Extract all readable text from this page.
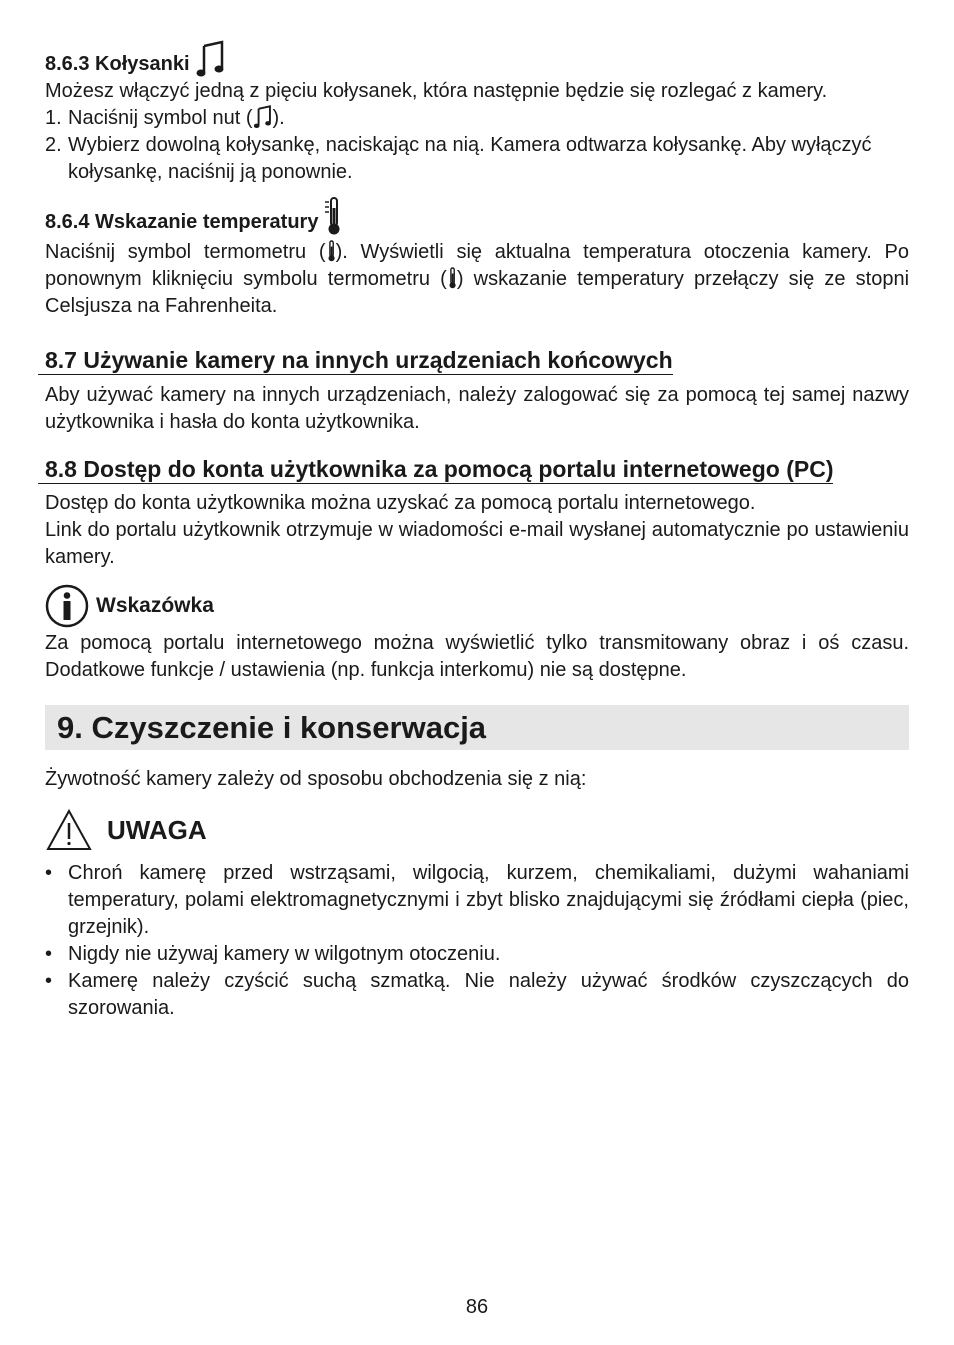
8.6.3 Kołysanki

Możesz włączyć jedną z pięciu kołysanek, która następnie będzie się rozlegać z kamery.

1. Naciśnij symbol nut ( ).
2. Wybierz dowolną kołysankę, naciskając na nią. Kamera odtwarza kołysankę. Aby wyłączyć kołysankę, naciśnij ją ponownie.
8.6.4 Wskazanie temperatury

Naciśnij symbol termometru ( ). Wyświetli się aktualna temperatura otoczenia kamery. Po ponownym kliknięciu symbolu termometru ( ) wskazanie temperatury przełączy się ze stopni Celsjusza na Fahrenheita.

8.7 Używanie kamery na innych urządzeniach końcowych

Aby używać kamery na innych urządzeniach, należy zalogować się za pomocą tej samej nazwy użytkownika i hasła do konta użytkownika.

8.8 Dostęp do konta użytkownika za pomocą portalu internetowego (PC)

Dostęp do konta użytkownika można uzyskać za pomocą portalu internetowego.

Link do portalu użytkownik otrzymuje w wiadomości e-mail wysłanej automatycznie po ustawieniu kamery.

Wskazówka

Za pomocą portalu internetowego można wyświetlić tylko transmitowany obraz i oś czasu. Dodatkowe funkcje / ustawienia (np. funkcja interkomu) nie są dostępne.

9. Czyszczenie i konserwacja

Żywotność kamery zależy od sposobu obchodzenia się z nią:

UWAGA
• Chroń kamerę przed wstrząsami, wilgocią, kurzem, chemikaliami, dużymi wahaniami temperatury, polami elektromagnetycznymi i zbyt blisko znajdującymi się źródłami ciepła (piec, grzejnik).
• Nigdy nie używaj kamery w wilgotnym otoczeniu.
• Kamerę należy czyścić suchą szmatką. Nie należy używać środków czyszczących do szorowania.
86
